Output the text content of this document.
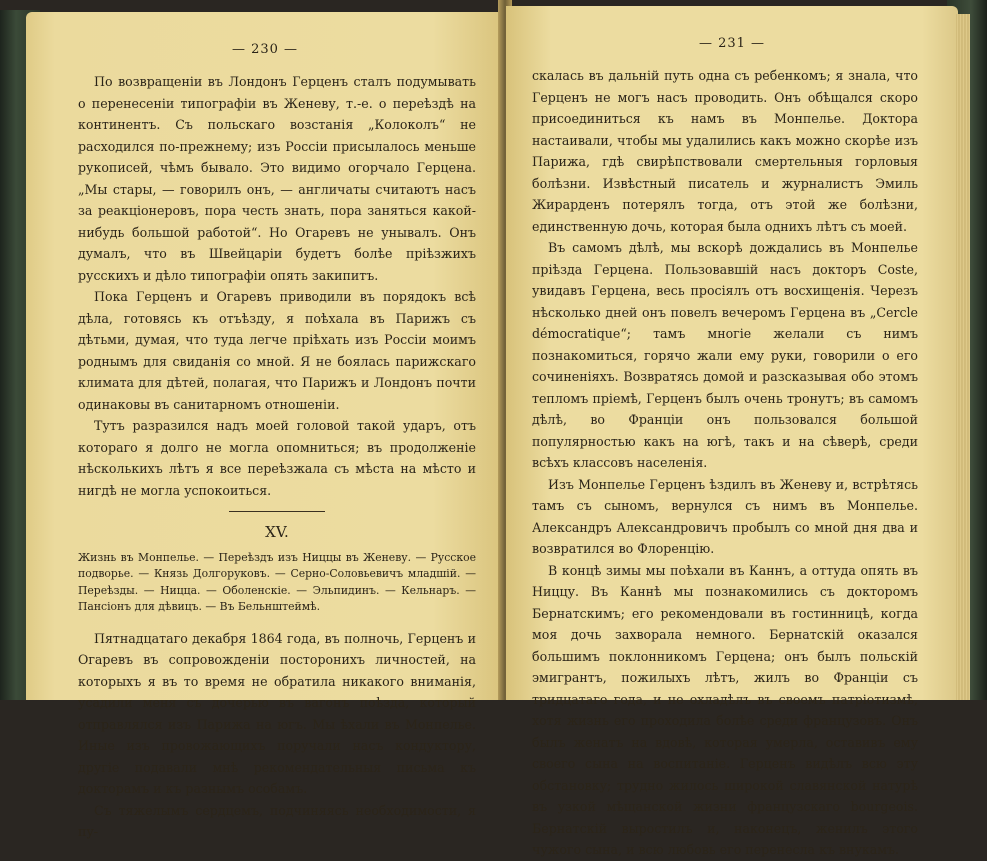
— 230 —

По возвращеніи въ Лондонъ Герценъ сталъ подумывать о перенесеніи типографіи въ Женеву, т.-е. о переѣздѣ на континентъ. Съ польскаго возстанія „Колоколъ“ не расходился по-прежнему; изъ Россіи присылалось меньше рукописей, чѣмъ бывало. Это видимо огорчало Герцена. „Мы стары, — говорилъ онъ, — англичаты считаютъ насъ за реакціонеровъ, пора честь знать, пора заняться какой-нибудь большой работой“. Но Огаревъ не унывалъ. Онъ думалъ, что въ Швейцаріи будетъ болѣе пріѣзжихъ русскихъ и дѣло типографіи опять закипитъ.

Пока Герценъ и Огаревъ приводили въ порядокъ всѣ дѣла, готовясь къ отъѣзду, я поѣхала въ Парижъ съ дѣтьми, думая, что туда легче пріѣхать изъ Россіи моимъ роднымъ для свиданія со мной. Я не боялась парижскаго климата для дѣтей, полагая, что Парижъ и Лондонъ почти одинаковы въ санитарномъ отношеніи.

Тутъ разразился надъ моей головой такой ударъ, отъ котораго я долго не могла опомниться; въ продолженіе нѣсколькихъ лѣтъ я все переѣзжала съ мѣста на мѣсто и нигдѣ не могла успокоиться.

XV.
Жизнь въ Монпелье. — Переѣздъ изъ Ниццы въ Женеву. — Русское подворье. — Князь Долгоруковъ. — Серно-Соловьевичъ младшій. — Переѣзды. — Ницца. — Оболенскіе. — Эльпидинъ. — Кельнаръ. — Пансіонъ для дѣвицъ. — Въ Бельнштеймѣ.

Пятнадцатаго декабря 1864 года, въ полночь, Герценъ и Огаревъ въ сопровожденіи посторонихъ личностей, на которыхъ я въ то время не обратила никакого вниманія, усадили меня съ дочерью въ вагонъ поѣзда, который отправлялся изъ Парижа на югъ. Мы ѣхали въ Монпелье. Иные изъ провожающихъ поручали насъ кондуктору, другіе подавали мнѣ рекомендательныя письма къ докторамъ и къ разнымъ особамъ.

Съ тяжелымъ сердцемъ, подчиняясь необходимости, я пу-

— 231 —

скалась въ дальній путь одна съ ребенкомъ; я знала, что Герценъ не могъ насъ проводить. Онъ обѣщался скоро присоединиться къ намъ въ Монпелье. Доктора настаивали, чтобы мы удалились какъ можно скорѣе изъ Парижа, гдѣ свирѣпствовали смертельныя горловыя болѣзни. Извѣстный писатель и журналистъ Эмиль Жирарденъ потерялъ тогда, отъ этой же болѣзни, единственную дочь, которая была однихъ лѣтъ съ моей.

Въ самомъ дѣлѣ, мы вскорѣ дождались въ Монпелье пріѣзда Герцена. Пользовавшій насъ докторъ Coste, увидавъ Герцена, весь просіялъ отъ восхищенія. Черезъ нѣсколько дней онъ повелъ вечеромъ Герцена въ „Cercle démocratique“; тамъ многіе желали съ нимъ познакомиться, горячо жали ему руки, говорили о его сочиненіяхъ. Возвратясь домой и разсказывая обо этомъ тепломъ пріемѣ, Герценъ былъ очень тронутъ; въ самомъ дѣлѣ, во Франціи онъ пользовался большой популярностью какъ на югѣ, такъ и на сѣверѣ, среди всѣхъ классовъ населенія.

Изъ Монпелье Герценъ ѣздилъ въ Женеву и, встрѣтясь тамъ съ сыномъ, вернулся съ нимъ въ Монпелье. Александръ Александровичъ пробылъ со мной дня два и возвратился во Флоренцію.

В концѣ зимы мы поѣхали въ Каннъ, а оттуда опять въ Ниццу. Въ Каннѣ мы познакомились съ докторомъ Бернатскимъ; его рекомендовали въ гостинницѣ, когда моя дочь захворала немного. Бернатскій оказался большимъ поклонникомъ Герцена; онъ былъ польскій эмигрантъ, пожилыхъ лѣтъ, жилъ во Франціи съ тридцатаго года, и не охладѣлъ въ своемъ патріотизмѣ, хотя жизнь его проходила болѣе среди французовъ. Онъ былъ женатъ на вдовѣ, которая умерла, оставивъ ему своего сына на воспитаніе. Герценъ видѣлъ всю эту обстановку; трудно жилось широкой славянской натурѣ въ узкой мѣщанской жизни французскаго bourgeois. Бернатскій выростилъ и, наконецъ, женилъ этого чужого сына, и всю любовь его перенесла къ внукамъ.
